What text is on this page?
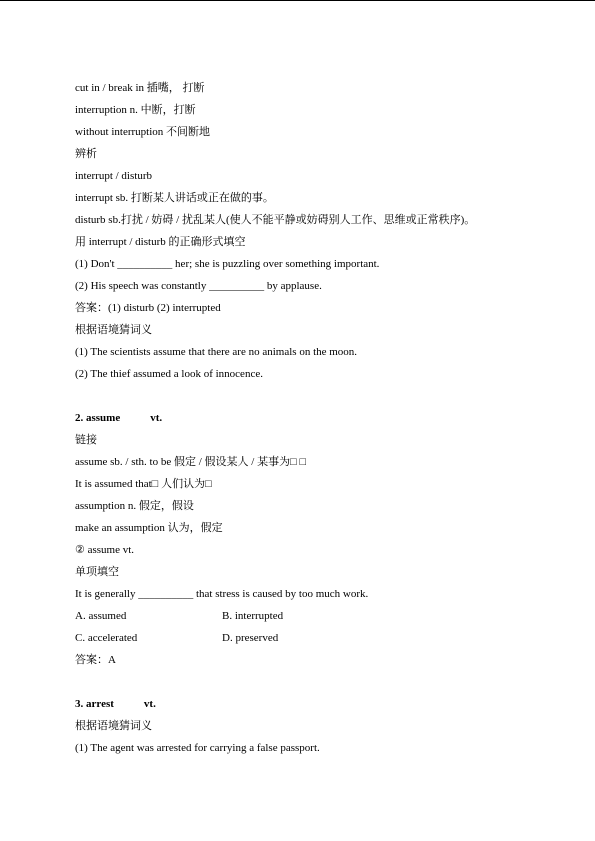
cut in / break in 插嘴， 打断
interruption n. 中断，打断
without interruption 不间断地
辨析
interrupt / disturb
interrupt sb. 打断某人讲话或正在做的事。
disturb sb.打扰 / 妨碍 / 扰乱某人(使人不能平静或妨碍别人工作、思维或正常秩序)。
用 interrupt / disturb 的正确形式填空
(1) Don't __________ her; she is puzzling over something important.
(2) His speech was constantly __________ by applause.
答案：(1) disturb (2) interrupted
根据语境猜词义
(1) The scientists assume that there are no animals on the moon.
(2) The thief assumed a look of innocence.
2. assume	vt.
链接
assume sb. / sth. to be 假定 / 假设某人 / 某事为□ □
It is assumed that□ 人们认为□
assumption n. 假定，假设
make an assumption 认为，假定
② assume vt.
单项填空
It is generally __________ that stress is caused by too much work.
A. assumed	B. interrupted
C. accelerated	D. preserved
答案：A
3. arrest	vt.
根据语境猜词义
(1) The agent was arrested for carrying a false passport.
